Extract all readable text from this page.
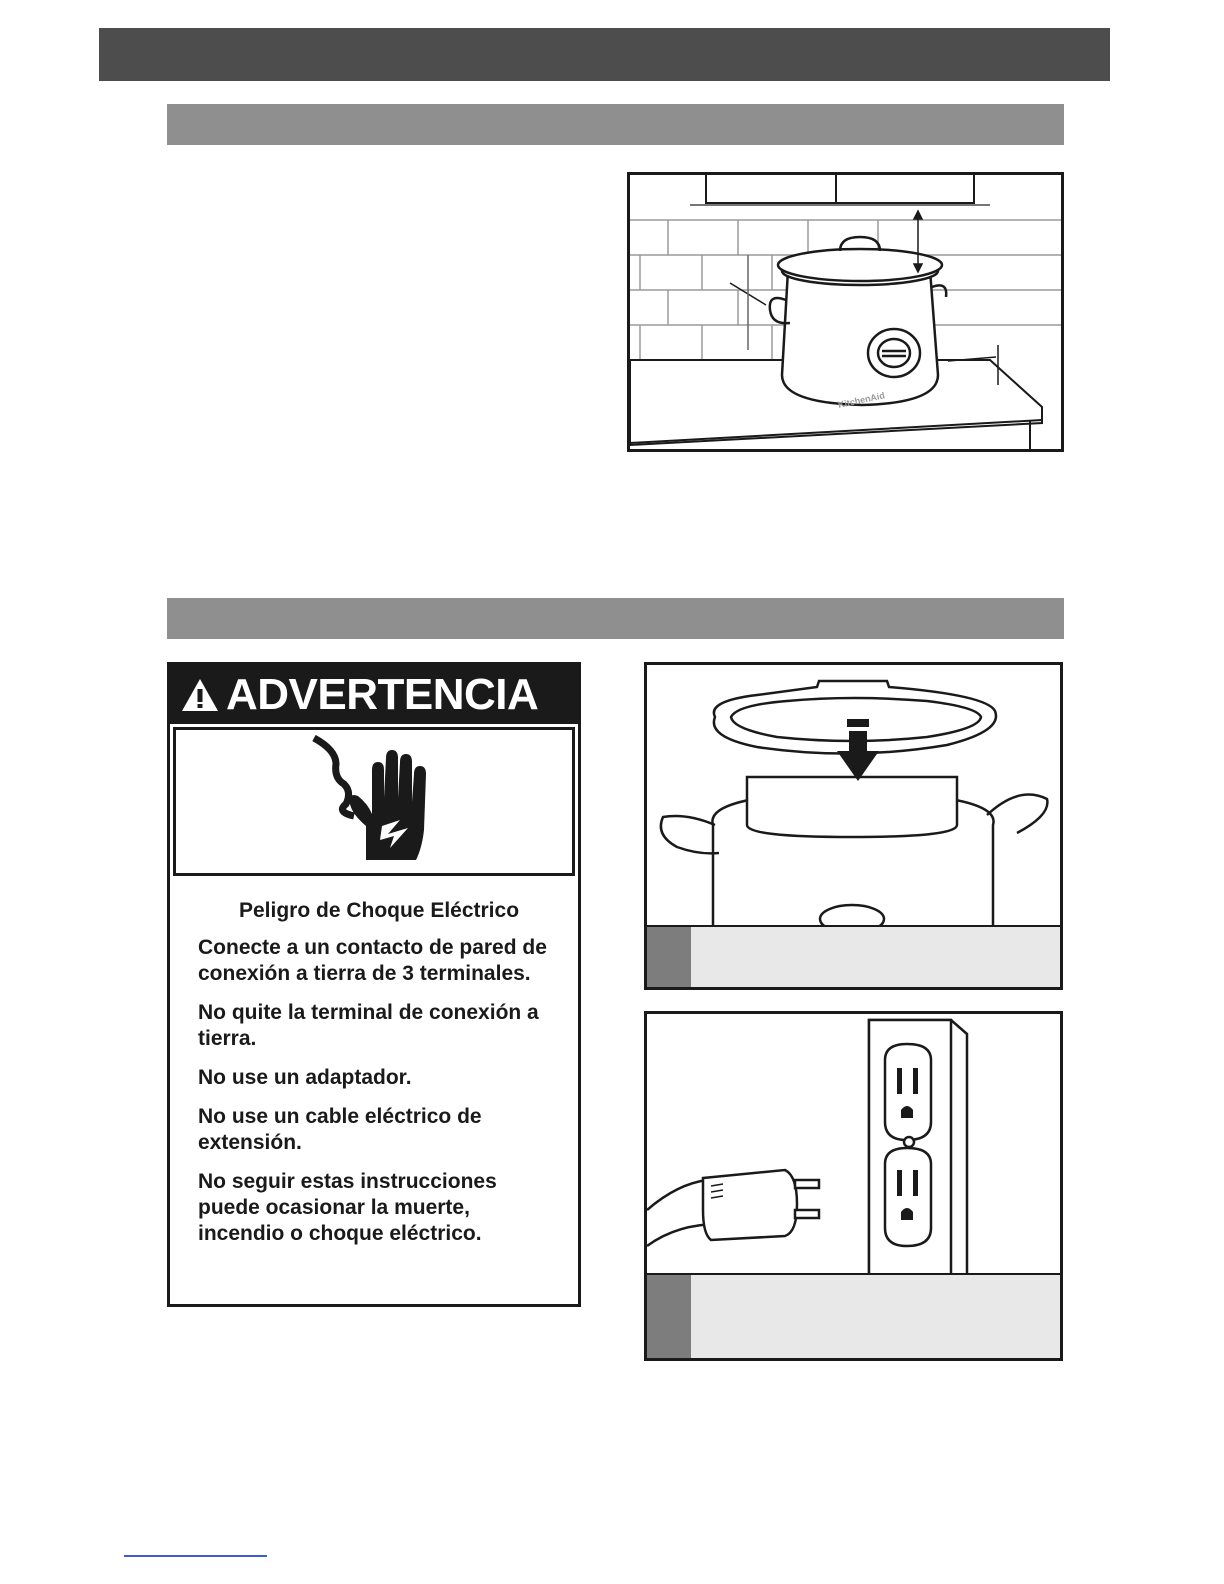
KitchenAid
ADVERTENCIA

Peligro de Choque Eléctrico

Conecte a un contacto de pared de conexión a tierra de 3 terminales.

No quite la terminal de conexión a tierra.

No use un adaptador.

No use un cable eléctrico de extensión.

No seguir estas instrucciones puede ocasionar la muerte, incendio o choque eléctrico.
